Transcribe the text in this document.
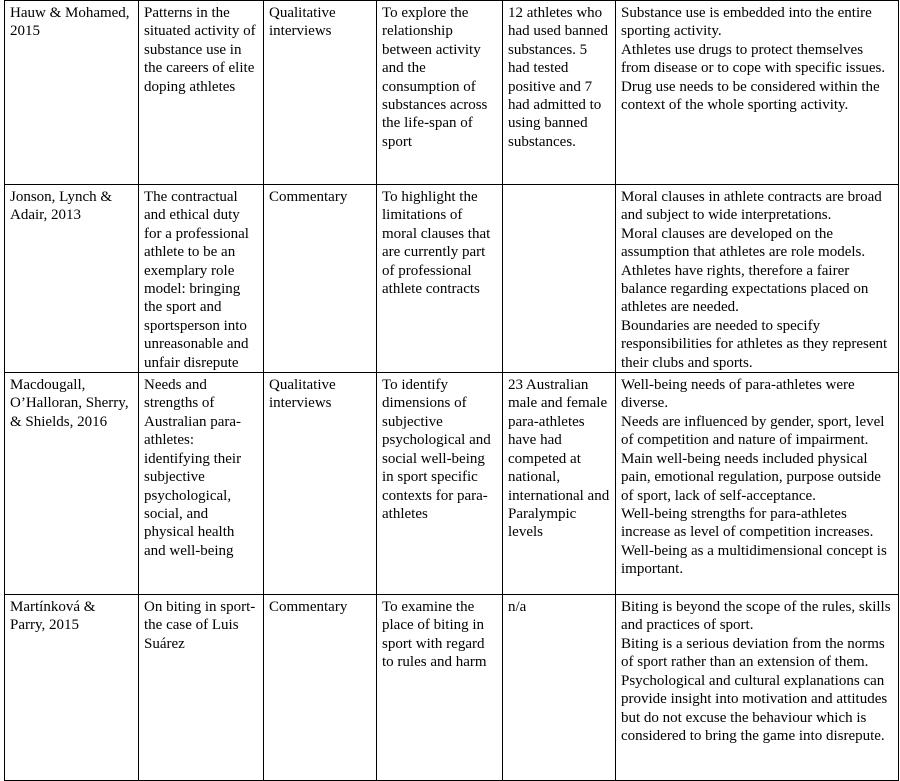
Hauw & Mohamed, 2015	Patterns in the situated activity of substance use in the careers of elite doping athletes	Qualitative interviews	To explore the relationship between activity and the consumption of substances across the life-span of sport	12 athletes who had used banned substances. 5 had tested positive and 7 had admitted to using banned substances.	Substance use is embedded into the entire sporting activity.
Athletes use drugs to protect themselves from disease or to cope with specific issues.
Drug use needs to be considered within the context of the whole sporting activity.

Jonson, Lynch & Adair, 2013	The contractual and ethical duty for a professional athlete to be an exemplary role model: bringing the sport and sportsperson into unreasonable and unfair disrepute	Commentary	To highlight the limitations of moral clauses that are currently part of professional athlete contracts		Moral clauses in athlete contracts are broad and subject to wide interpretations.
Moral clauses are developed on the assumption that athletes are role models.
Athletes have rights, therefore a fairer balance regarding expectations placed on athletes are needed.
Boundaries are needed to specify responsibilities for athletes as they represent their clubs and sports.

Macdougall, O’Halloran, Sherry, & Shields, 2016	Needs and strengths of Australian para-athletes: identifying their subjective psychological, social, and physical health and well-being	Qualitative interviews	To identify dimensions of subjective psychological and social well-being in sport specific contexts for para-athletes	23 Australian male and female para-athletes have had competed at national, international and Paralympic levels	Well-being needs of para-athletes were diverse.
Needs are influenced by gender, sport, level of competition and nature of impairment.
Main well-being needs included physical pain, emotional regulation, purpose outside of sport, lack of self-acceptance.
Well-being strengths for para-athletes increase as level of competition increases.
Well-being as a multidimensional concept is important.

Martínková & Parry, 2015	On biting in sport- the case of Luis Suárez	Commentary	To examine the place of biting in sport with regard to rules and harm	n/a	Biting is beyond the scope of the rules, skills and practices of sport.
Biting is a serious deviation from the norms of sport rather than an extension of them.
Psychological and cultural explanations can provide insight into motivation and attitudes but do not excuse the behaviour which is considered to bring the game into disrepute.
